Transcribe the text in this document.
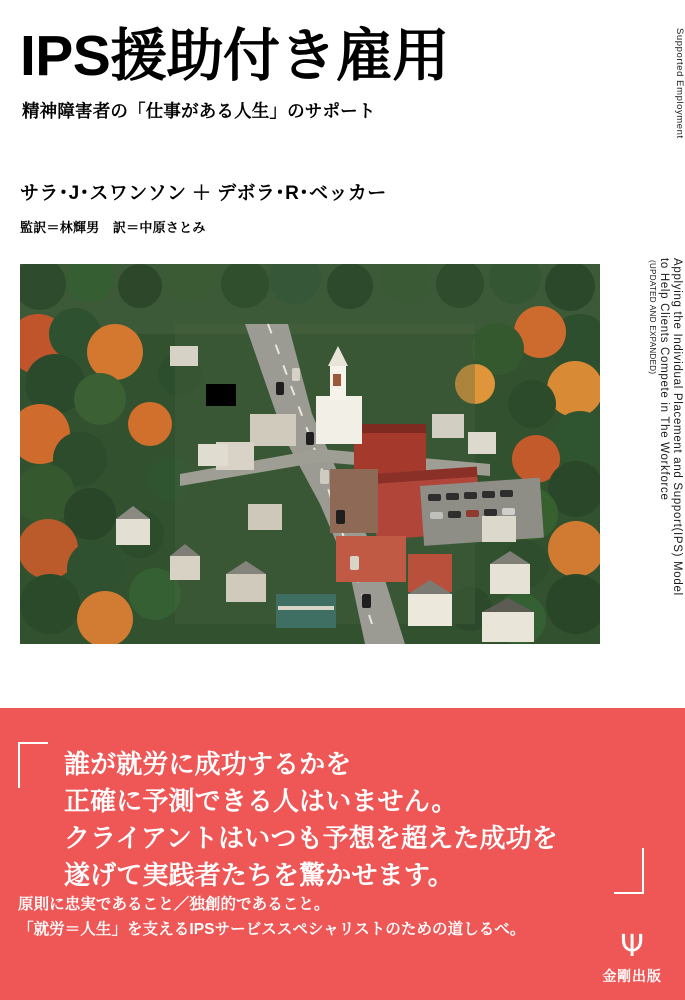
Supported Employment
Applying the Individual Placement and Support(IPS) Model
to Help Clients Compete in The Workforce
(UPDATED AND EXPANDED)
IPS援助付き雇用
精神障害者の「仕事がある人生」のサポート

サラ･J･スワンソン ＋ デボラ･R･ベッカー

監訳＝林輝男　訳＝中原さとみ

誰が就労に成功するかを
正確に予測できる人はいません。
クライアントはいつも予想を超えた成功を
遂げて実践者たちを驚かせます。
原則に忠実であること／独創的であること。
「就労＝人生」を支えるIPSサービススペシャリストのための道しるべ。	Ψ
金剛出版
